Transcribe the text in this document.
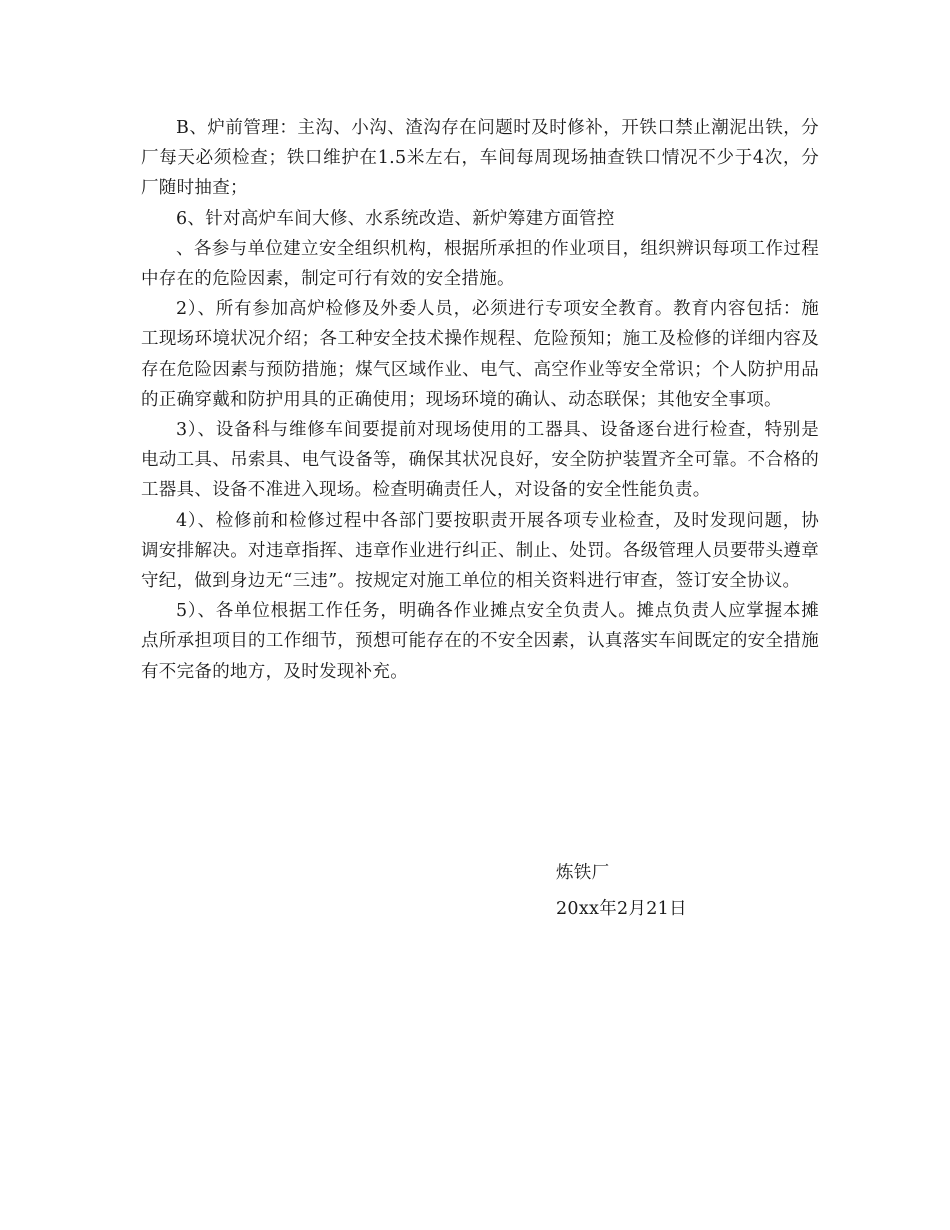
B、炉前管理：主沟、小沟、渣沟存在问题时及时修补，开铁口禁止潮泥出铁，分厂每天必须检查；铁口维护在1.5米左右，车间每周现场抽查铁口情况不少于4次，分厂随时抽查；

6、针对高炉车间大修、水系统改造、新炉筹建方面管控

、各参与单位建立安全组织机构，根据所承担的作业项目，组织辨识每项工作过程中存在的危险因素，制定可行有效的安全措施。

2）、所有参加高炉检修及外委人员，必须进行专项安全教育。教育内容包括：施工现场环境状况介绍；各工种安全技术操作规程、危险预知；施工及检修的详细内容及存在危险因素与预防措施；煤气区域作业、电气、高空作业等安全常识；个人防护用品的正确穿戴和防护用具的正确使用；现场环境的确认、动态联保；其他安全事项。

3）、设备科与维修车间要提前对现场使用的工器具、设备逐台进行检查，特别是电动工具、吊索具、电气设备等，确保其状况良好，安全防护装置齐全可靠。不合格的工器具、设备不准进入现场。检查明确责任人，对设备的安全性能负责。

4）、检修前和检修过程中各部门要按职责开展各项专业检查，及时发现问题，协调安排解决。对违章指挥、违章作业进行纠正、制止、处罚。各级管理人员要带头遵章守纪，做到身边无“三违”。按规定对施工单位的相关资料进行审查，签订安全协议。

5）、各单位根据工作任务，明确各作业摊点安全负责人。摊点负责人应掌握本摊点所承担项目的工作细节，预想可能存在的不安全因素，认真落实车间既定的安全措施有不完备的地方，及时发现补充。

炼铁厂
20xx年2月21日
